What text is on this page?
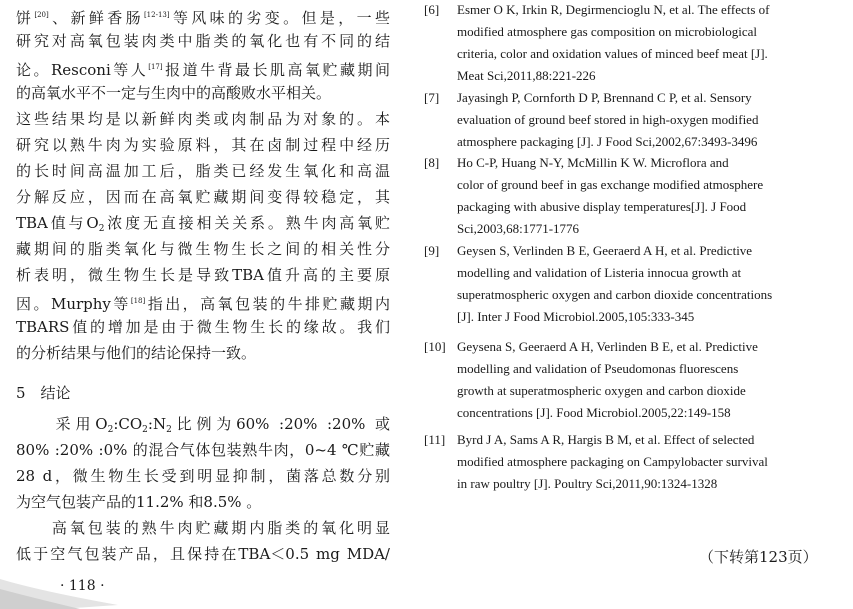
饼[20]、新鲜香肠[12-13]等风味的劣变。但是，一些
研究对高氧包装肉类中脂类的氧化也有不同的结
论。Resconi等人[17]报道牛背最长肌高氧贮藏期间
的高氧水平不一定与生肉中的高酸败水平相关。
这些结果均是以新鲜肉类或肉制品为对象的。本
研究以熟牛肉为实验原料，其在卤制过程中经历
的长时间高温加工后，脂类已经发生氧化和高温
分解反应，因而在高氧贮藏期间变得较稳定，其
TBA值与$O_2$浓度无直接相关关系。熟牛肉高氧贮
藏期间的脂类氧化与微生物生长之间的相关性分
析表明，微生物生长是导致TBA值升高的主要原
因。Murphy等[18]指出，高氧包装的牛排贮藏期内
TBARS值的增加是由于微生物生长的缘故。我们
的分析结果与他们的结论保持一致。
5　结论
　　采用$O_2:CO_2:N_2$比例为60% :20% :20% 或
80% :20% :0% 的混合气体包装熟牛肉，0~4 ℃贮藏
28 d，微生物生长受到明显抑制，菌落总数分别
为空气包装产品的11.2% 和8.5% 。
　　高氧包装的熟牛肉贮藏期内脂类的氧化明显
低于空气包装产品，且保持在TBA＜0.5 mg MDA/
[6] Esmer O K, Irkin R, Degirmencioglu N, et al. The effects of
modified atmosphere gas composition on microbiological
criteria, color and oxidation values of minced beef meat [J].
Meat Sci,2011,88:221-226
[7] Jayasingh P, Cornforth D P, Brennand C P, et al. Sensory
evaluation of ground beef stored in high-oxygen modified
atmosphere packaging [J]. J Food Sci,2002,67:3493-3496
[8] Ho C-P, Huang N-Y, McMillin K W. Microflora and
color of ground beef in gas exchange modified atmosphere
packaging with abusive display temperatures[J]. J Food
Sci,2003,68:1771-1776
[9] Geysen S, Verlinden B E, Geeraerd A H, et al. Predictive
modelling and validation of Listeria innocua growth at
superatmospheric oxygen and carbon dioxide concentrations
[J]. Inter J Food Microbiol.2005,105:333-345
[10] Geysena S, Geeraerd A H, Verlinden B E, et al. Predictive
modelling and validation of Pseudomonas fluorescens
growth at superatmospheric oxygen and carbon dioxide
concentrations [J]. Food Microbiol.2005,22:149-158
[11] Byrd J A, Sams A R, Hargis B M, et al. Effect of selected
modified atmosphere packaging on Campylobacter survival
in raw poultry [J]. Poultry Sci,2011,90:1324-1328
（下转第123页）
· 118 ·
